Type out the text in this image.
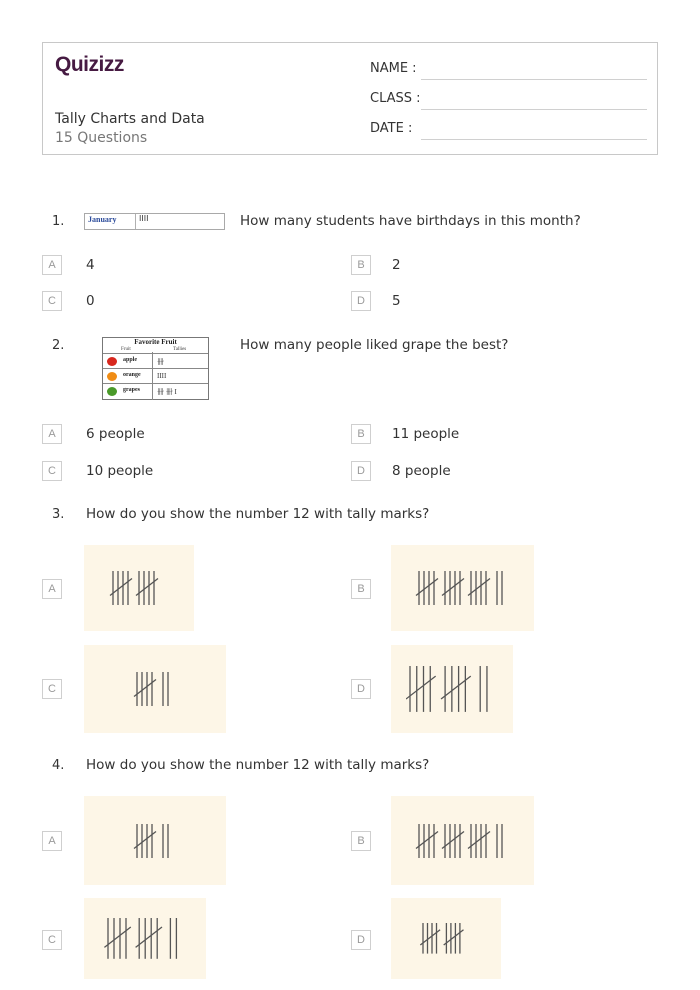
Quizizz
Tally Charts and Data
15 Questions
NAME :
CLASS :
DATE :
1.	January	IIII	How many students have birthdays in this month?
A	4	B	2
C	0	D	5
2.	Favorite Fruit
Fruit	Tallies
apple	卌
orange IIII
grapes 卌 卌 I
How many people liked grape the best?
A	6 people	B	11 people
C	10 people	D	8 people
3. How do you show the number 12 with tally marks?
A	B
C	D
4. How do you show the number 12 with tally marks?
A	B
C	D
